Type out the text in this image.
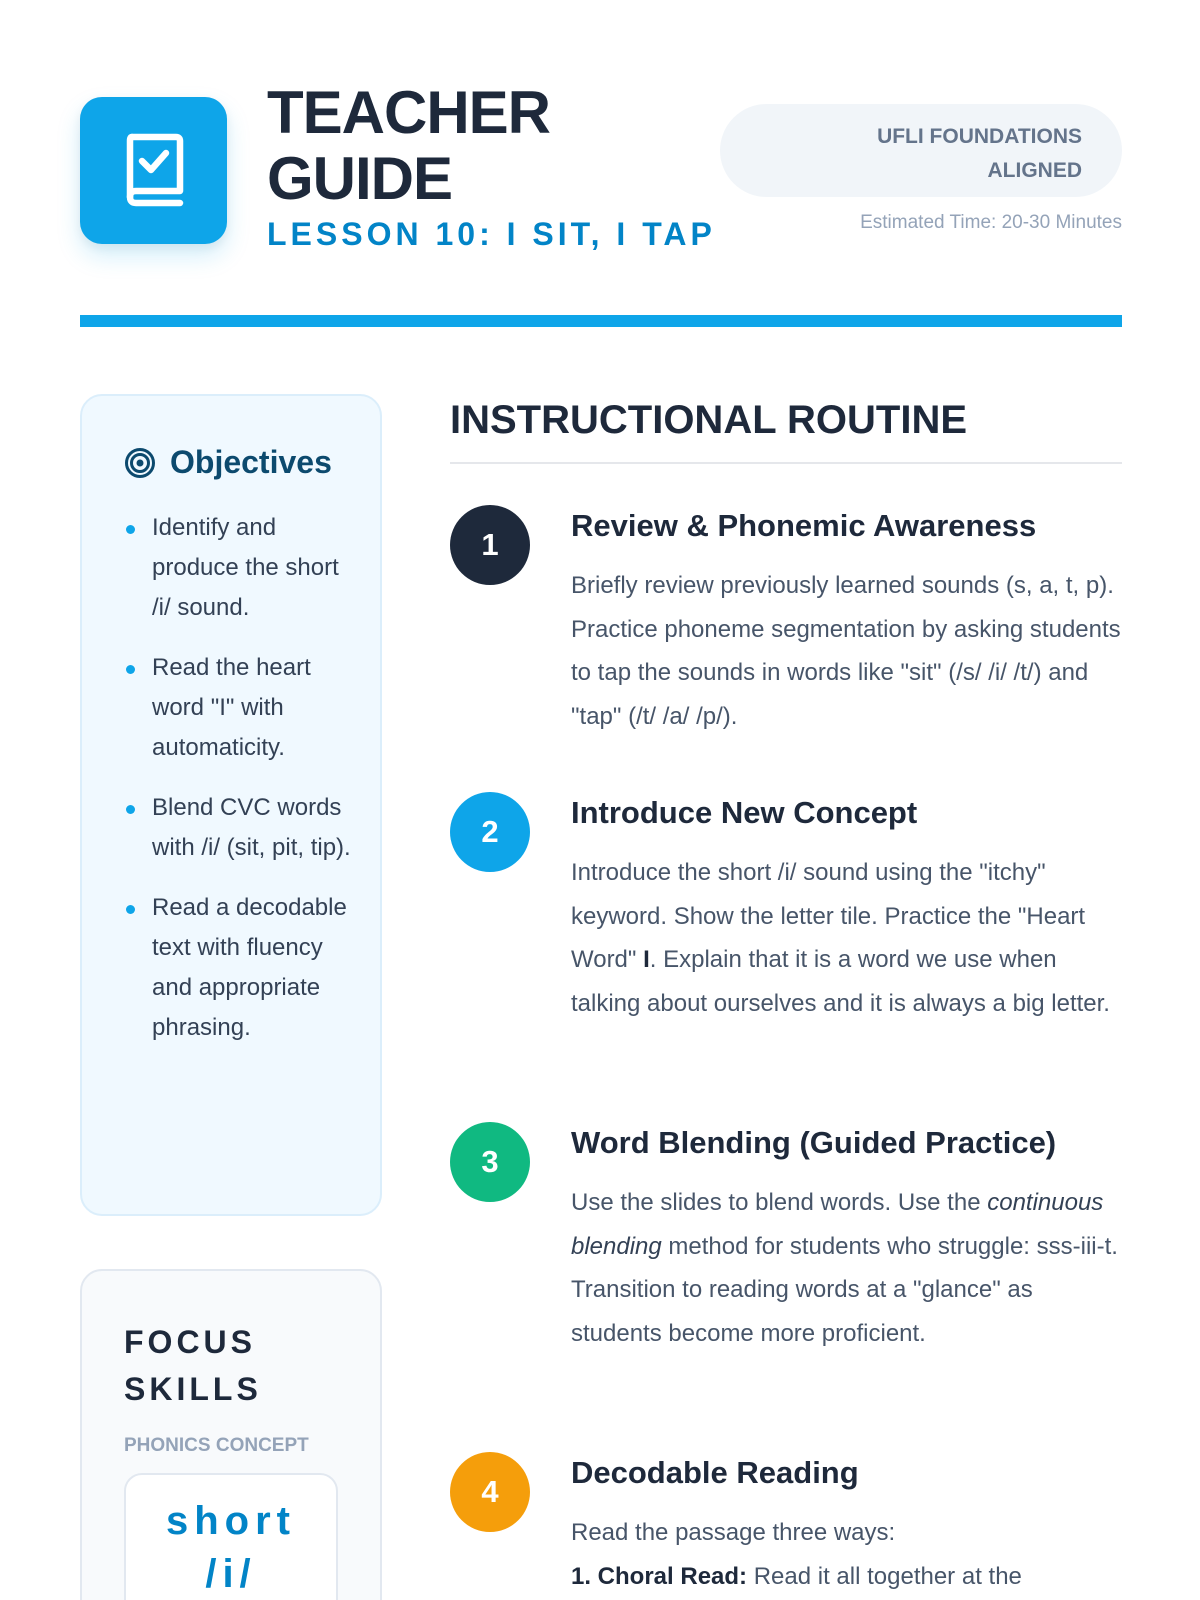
TEACHER
GUIDE
LESSON 10: I SIT, I TAP
UFLI FOUNDATIONS
ALIGNED
Estimated Time: 20-30 Minutes
Objectives
Identify and produce the short /i/ sound.
Read the heart word "I" with automaticity.
Blend CVC words with /i/ (sit, pit, tip).
Read a decodable text with fluency and appropriate phrasing.
FOCUS SKILLS
PHONICS CONCEPT
short
/i/
INSTRUCTIONAL ROUTINE
1
Review & Phonemic Awareness
Briefly review previously learned sounds (s, a, t, p). Practice phoneme segmentation by asking students to tap the sounds in words like "sit" (/s/ /i/ /t/) and "tap" (/t/ /a/ /p/).
2
Introduce New Concept
Introduce the short /i/ sound using the "itchy" keyword. Show the letter tile. Practice the "Heart Word" I. Explain that it is a word we use when talking about ourselves and it is always a big letter.
3
Word Blending (Guided Practice)
Use the slides to blend words. Use the continuous blending method for students who struggle: sss-iii-t. Transition to reading words at a "glance" as students become more proficient.
4
Decodable Reading
Read the passage three ways:
1. Choral Read: Read it all together at the
